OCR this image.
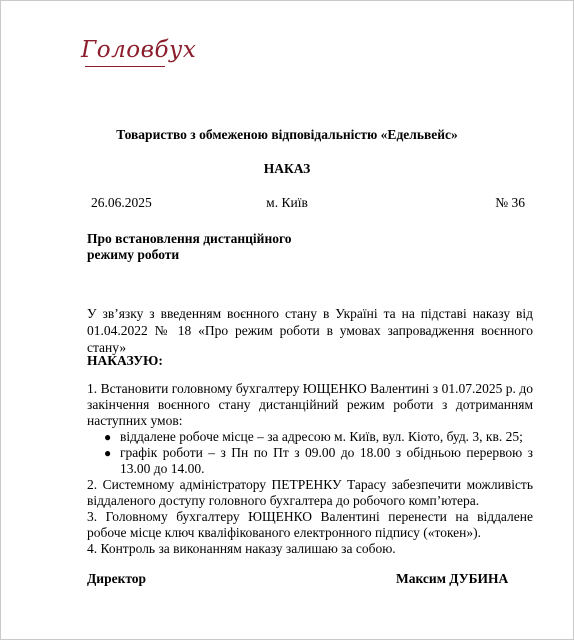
Головбух
Товариство з обмеженою відповідальністю «Едельвейс»
НАКАЗ
м. Київ
26.06.2025	№ 36
Про встановлення дистанційного
режиму роботи
У зв’язку з введенням воєнного стану в Україні та на підставі наказу від 01.04.2022 № 18 «Про режим роботи в умовах запровадження воєнного стану»
НАКАЗУЮ:

1. Встановити головному бухгалтеру ЮЩЕНКО Валентині з 01.07.2025 р. до закінчення воєнного стану дистанційний режим роботи з дотриманням наступних умов:

● віддалене робоче місце – за адресою м. Київ, вул. Кіото, буд. 3, кв. 25;

● графік роботи – з Пн по Пт з 09.00 до 18.00 з обідньою перервою з 13.00 до 14.00.

2. Системному адміністратору ПЕТРЕНКУ Тарасу забезпечити можливість віддаленого доступу головного бухгалтера до робочого комп’ютера.

3. Головному бухгалтеру ЮЩЕНКО Валентині перенести на віддалене робоче місце ключ кваліфікованого електронного підпису («токен»).

4. Контроль за виконанням наказу залишаю за собою.

Директор	Максим ДУБИНА
